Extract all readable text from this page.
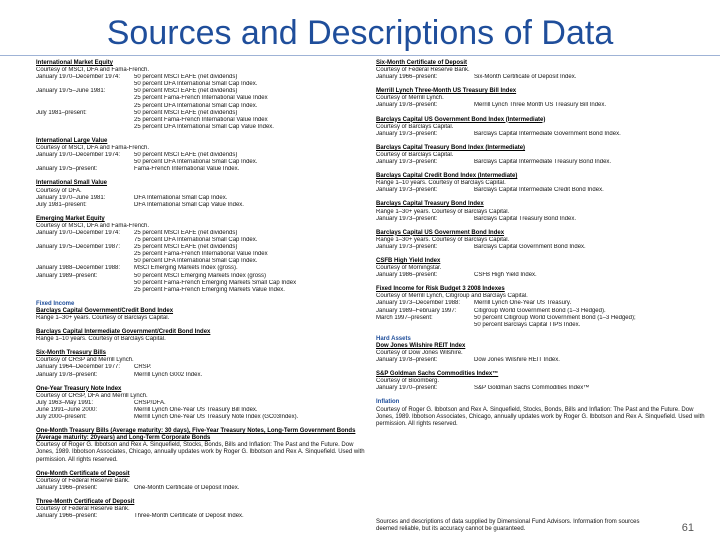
Sources and Descriptions of Data
International Market Equity
Courtesy of MSCI, DFA and Fama-French.
January 1970–December 1974:	50 percent MSCI EAFE (net dividends)
50 percent DFA International Small Cap Index.
January 1975–June 1981:	50 percent MSCI EAFE (net dividends)
25 percent Fama-French International Value Index
25 percent DFA International Small Cap Index.
July 1981–present:	50 percent MSCI EAFE (net dividends)
25 percent Fama-French International Value Index
25 percent DFA International Small Cap Value Index.
International Large Value
Courtesy of MSCI, DFA and Fama-French.
January 1970–December 1974:	50 percent MSCI EAFE (net dividends)
50 percent DFA International Small Cap Index.
January 1975–present:	Fama-French International Value Index.
International Small Value
Courtesy of DFA.
January 1970–June 1981:	DFA International Small Cap Index.
July 1981–present:	DFA International Small Cap Value Index.
Emerging Market Equity
Courtesy of MSCI, DFA and Fama-French.
January 1970–December 1974:	25 percent MSCI EAFE (net dividends)
75 percent DFA International Small Cap Index.
January 1975–December 1987:	25 percent MSCI EAFE (net dividends)
25 percent Fama-French International Value Index
50 percent DFA International Small Cap Index.
January 1988–December 1988:	MSCI Emerging Markets Index (gross).
January 1989–present:	50 percent MSCI Emerging Markets Index (gross)
50 percent Fama-French Emerging Markets Small Cap Index
25 percent Fama-French Emerging Markets Value Index.
Fixed Income
Barclays Capital Government/Credit Bond Index
Range 1–30+ years. Courtesy of Barclays Capital.
Barclays Capital Intermediate Government/Credit Bond Index
Range 1–10 years. Courtesy of Barclays Capital.
Six-Month Treasury Bills
Courtesy of CRSP and Merrill Lynch.
January 1964–December 1977:	CRSP.
January 1978–present:	Merrill Lynch G002 Index.
One-Year Treasury Note Index
Courtesy of CRSP, DFA and Merrill Lynch.
July 1963–May 1991:	CRSP/DFA.
June 1991–June 2000:	Merrill Lynch One-Year US Treasury Bill Index.
July 2000–present:	Merrill Lynch One-Year US Treasury Note Index (GC03Index).
One-Month Treasury Bills (Average maturity: 30 days), Five-Year Treasury Notes, Long-Term Government Bonds (Average maturity: 20years) and Long-Term Corporate Bonds
Courtesy of Roger G. Ibbotson and Rex A. Sinquefield, Stocks, Bonds, Bills and Inflation: The Past and the Future. Dow Jones, 1989. Ibbotson Associates, Chicago, annually updates work by Roger G. Ibbotson and Rex A. Sinquefield. Used with permission. All rights reserved.
One-Month Certificate of Deposit
Courtesy of Federal Reserve Bank.
January 1966–present:	One-Month Certificate of Deposit Index.
Three-Month Certificate of Deposit
Courtesy of Federal Reserve Bank.
January 1966–present:	Three-Month Certificate of Deposit Index.
Six-Month Certificate of Deposit
Courtesy of Federal Reserve Bank.
January 1966–present:	Six-Month Certificate of Deposit Index.
Merrill Lynch Three-Month US Treasury Bill Index
Courtesy of Merrill Lynch.
January 1978–present:	Merrill Lynch Three Month US Treasury Bill Index.
Barclays Capital US Government Bond Index (Intermediate)
Courtesy of Barclays Capital.
January 1973–present:	Barclays Capital Intermediate Government Bond Index.
Barclays Capital Treasury Bond Index (Intermediate)
Courtesy of Barclays Capital.
January 1973–present:	Barclays Capital Intermediate Treasury Bond Index.
Barclays Capital Credit Bond Index (Intermediate)
Range 1–10 years. Courtesy of Barclays Capital.
January 1973–present:	Barclays Capital Intermediate Credit Bond Index.
Barclays Capital Treasury Bond Index
Range 1–30+ years. Courtesy of Barclays Capital.
January 1973–present:	Barclays Capital Treasury Bond Index.
Barclays Capital US Government Bond Index
Range 1–30+ years. Courtesy of Barclays Capital.
January 1973–present:	Barclays Capital Government Bond Index.
CSFB High Yield Index
Courtesy of Morningstar.
January 1986–present:	CSFB High Yield Index.
Fixed Income for Risk Budget 3 2008 Indexes
Courtesy of Merrill Lynch, Citigroup and Barclays Capital.
January 1973–December 1988:	Merrill Lynch One-Year US Treasury.
January 1989–February 1997:	Citigroup World Government Bond (1–3 Hedged).
March 1997–present:	50 percent Citigroup World Government Bond (1–3 Hedged);
50 percent Barclays Capital TIPS Index.
Hard Assets
Dow Jones Wilshire REIT Index
Courtesy of Dow Jones Wilshire.
January 1978–present:	Dow Jones Wilshire REIT Index.
S&P Goldman Sachs Commodities Index™
Courtesy of Bloomberg.
January 1970–present:	S&P Goldman Sachs Commodities Index™
Inflation
Courtesy of Roger G. Ibbotson and Rex A. Sinquefield, Stocks, Bonds, Bills and Inflation: The Past and the Future. Dow Jones, 1989. Ibbotson Associates, Chicago, annually updates work by Roger G. Ibbotson and Rex A. Sinquefield. Used with permission. All rights reserved.
Sources and descriptions of data supplied by Dimensional Fund Advisors. Information from sources deemed reliable, but its accuracy cannot be guaranteed.	61
